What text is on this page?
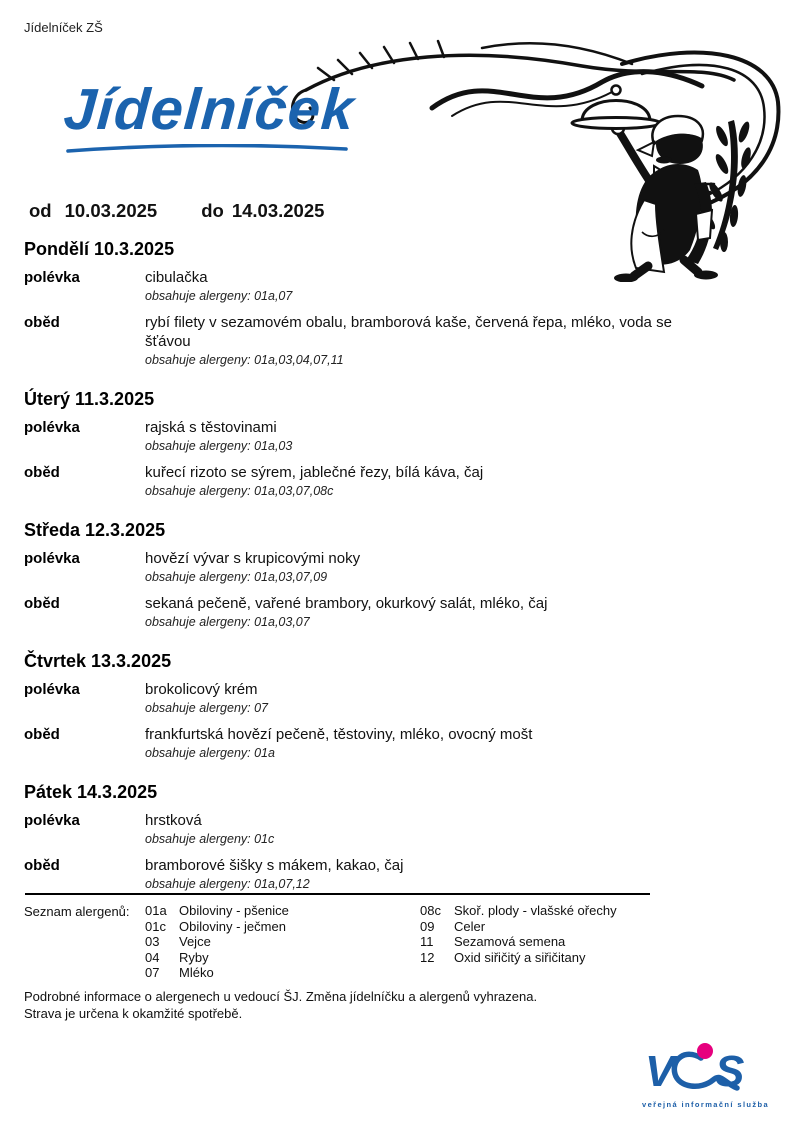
Jídelníček ZŠ
Jídelníček
od 10.03.2025 do 14.03.2025
Pondělí 10.3.2025
polévka	cibulačka
obsahuje alergeny: 01a,07
oběd	rybí filety v sezamovém obalu, bramborová kaše, červená řepa, mléko, voda se šťávou
obsahuje alergeny: 01a,03,04,07,11
Úterý 11.3.2025
polévka	rajská s těstovinami
obsahuje alergeny: 01a,03
oběd	kuřecí rizoto se sýrem, jablečné řezy, bílá káva, čaj
obsahuje alergeny: 01a,03,07,08c
Středa 12.3.2025
polévka	hovězí vývar s krupicovými noky
obsahuje alergeny: 01a,03,07,09
oběd	sekaná pečeně, vařené brambory, okurkový salát, mléko, čaj
obsahuje alergeny: 01a,03,07
Čtvrtek 13.3.2025
polévka	brokolicový krém
obsahuje alergeny: 07
oběd	frankfurtská hovězí pečeně, těstoviny, mléko, ovocný mošt
obsahuje alergeny: 01a
Pátek 14.3.2025
polévka	hrstková
obsahuje alergeny: 01c
oběd	bramborové šišky s mákem, kakao, čaj
obsahuje alergeny: 01a,07,12
Seznam alergenů: 01a Obiloviny - pšenice
01c Obiloviny - ječmen
03 Vejce
04 Ryby
07 Mléko
08c Skoř. plody - vlašské ořechy
09 Celer
11 Sezamová semena
12 Oxid siřičitý a siřičitany
Podrobné informace o alergenech u vedoucí ŠJ. Změna jídelníčku a alergenů vyhrazena.
Strava je určena k okamžité spotřebě.
V S
veřejná informační služba
